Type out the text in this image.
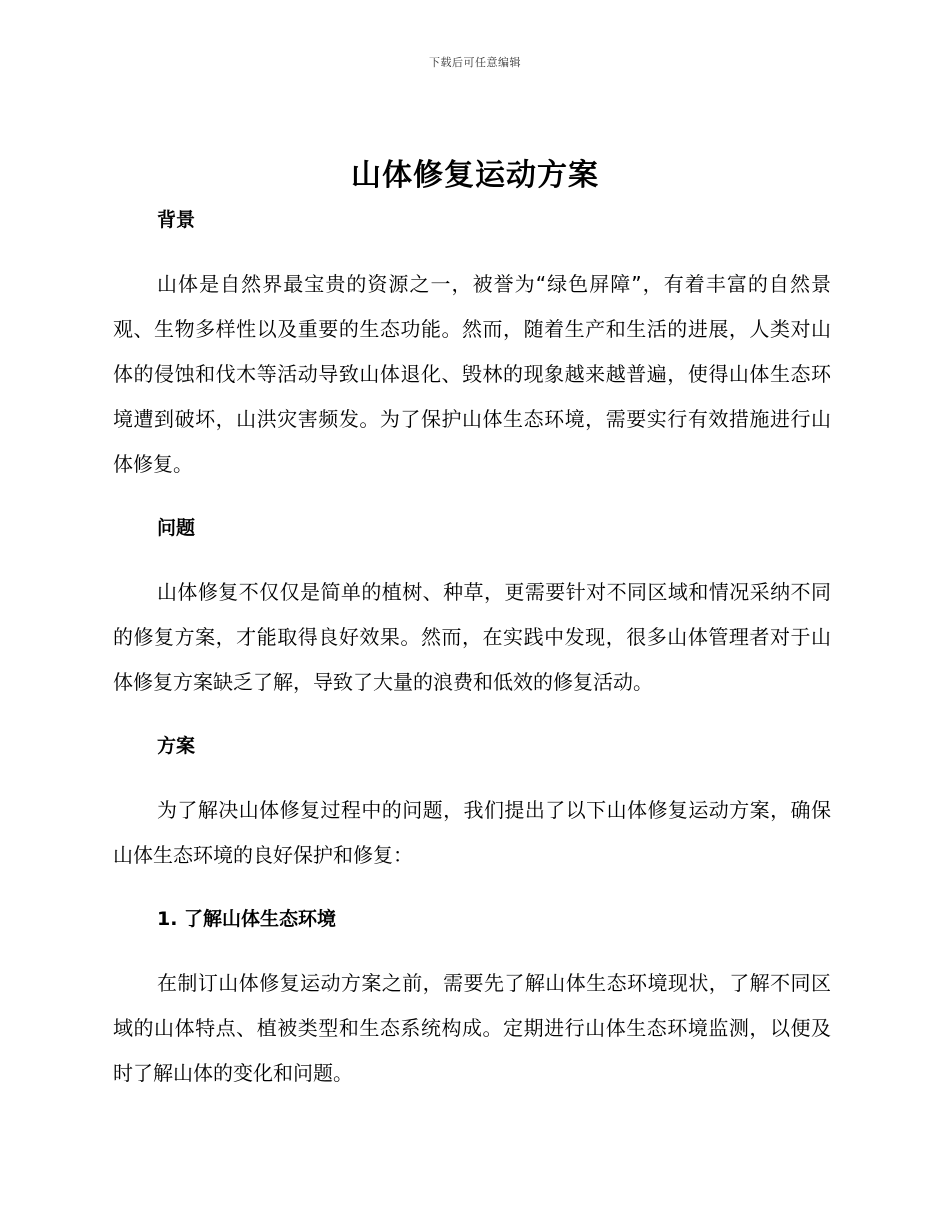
下载后可任意编辑
山体修复运动方案
背景

山体是自然界最宝贵的资源之一，被誉为“绿色屏障”，有着丰富的自然景观、生物多样性以及重要的生态功能。然而，随着生产和生活的进展，人类对山体的侵蚀和伐木等活动导致山体退化、毁林的现象越来越普遍，使得山体生态环境遭到破坏，山洪灾害频发。为了保护山体生态环境，需要实行有效措施进行山体修复。

问题

山体修复不仅仅是简单的植树、种草，更需要针对不同区域和情况采纳不同的修复方案，才能取得良好效果。然而，在实践中发现，很多山体管理者对于山体修复方案缺乏了解，导致了大量的浪费和低效的修复活动。

方案

为了解决山体修复过程中的问题，我们提出了以下山体修复运动方案，确保山体生态环境的良好保护和修复：

1. 了解山体生态环境

在制订山体修复运动方案之前，需要先了解山体生态环境现状，了解不同区域的山体特点、植被类型和生态系统构成。定期进行山体生态环境监测，以便及时了解山体的变化和问题。
